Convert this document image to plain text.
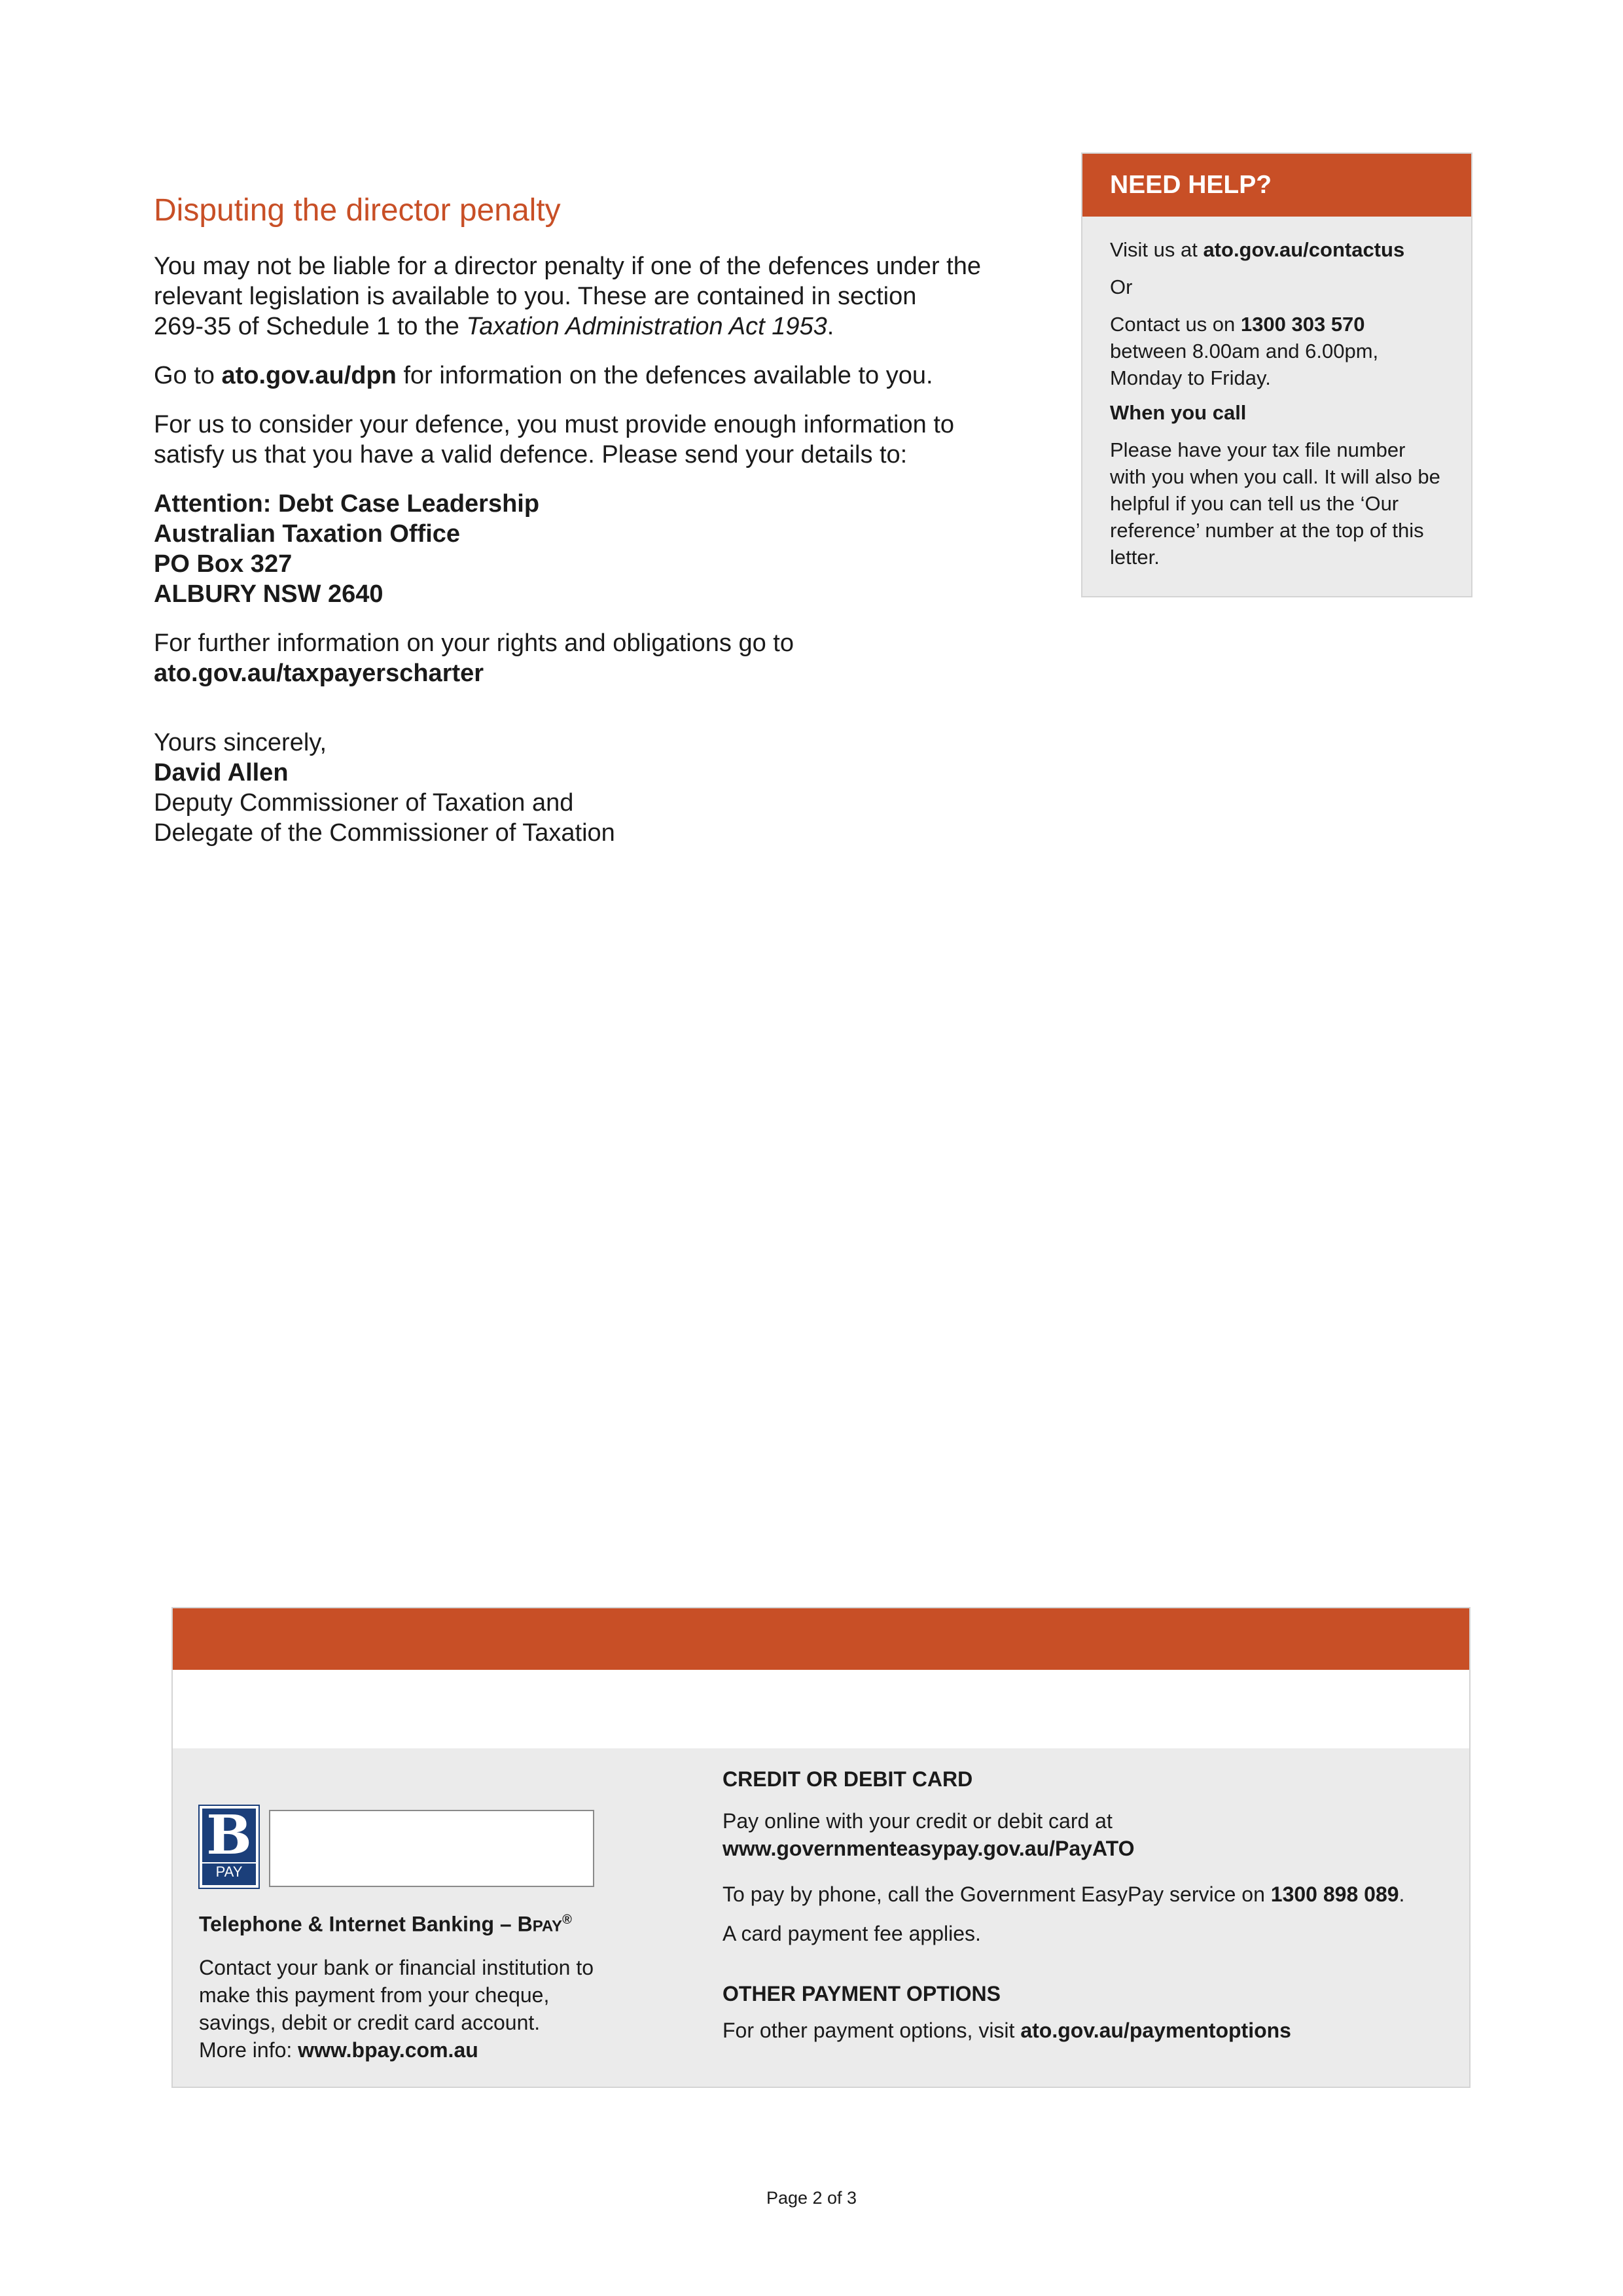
Disputing the director penalty

You may not be liable for a director penalty if one of the defences under the
relevant legislation is available to you. These are contained in section
269-35 of Schedule 1 to the Taxation Administration Act 1953.

Go to ato.gov.au/dpn for information on the defences available to you.

For us to consider your defence, you must provide enough information to
satisfy us that you have a valid defence. Please send your details to:

Attention: Debt Case Leadership
Australian Taxation Office
PO Box 327
ALBURY NSW 2640

For further information on your rights and obligations go to
ato.gov.au/taxpayerscharter

Yours sincerely,
David Allen
Deputy Commissioner of Taxation and
Delegate of the Commissioner of Taxation

NEED HELP?

Visit us at ato.gov.au/contactus

Or

Contact us on 1300 303 570
between 8.00am and 6.00pm,
Monday to Friday.

When you call

Please have your tax file number with you when you call. It will also be helpful if you can tell us the ‘Our reference’ number at the top of this letter.

B
PAY

Telephone & Internet Banking – BPAY®

Contact your bank or financial institution to make this payment from your cheque, savings, debit or credit card account.
More info: www.bpay.com.au

CREDIT OR DEBIT CARD

Pay online with your credit or debit card at
www.governmenteasypay.gov.au/PayATO

To pay by phone, call the Government EasyPay service on 1300 898 089.

A card payment fee applies.

OTHER PAYMENT OPTIONS

For other payment options, visit ato.gov.au/paymentoptions

Page 2 of 3
